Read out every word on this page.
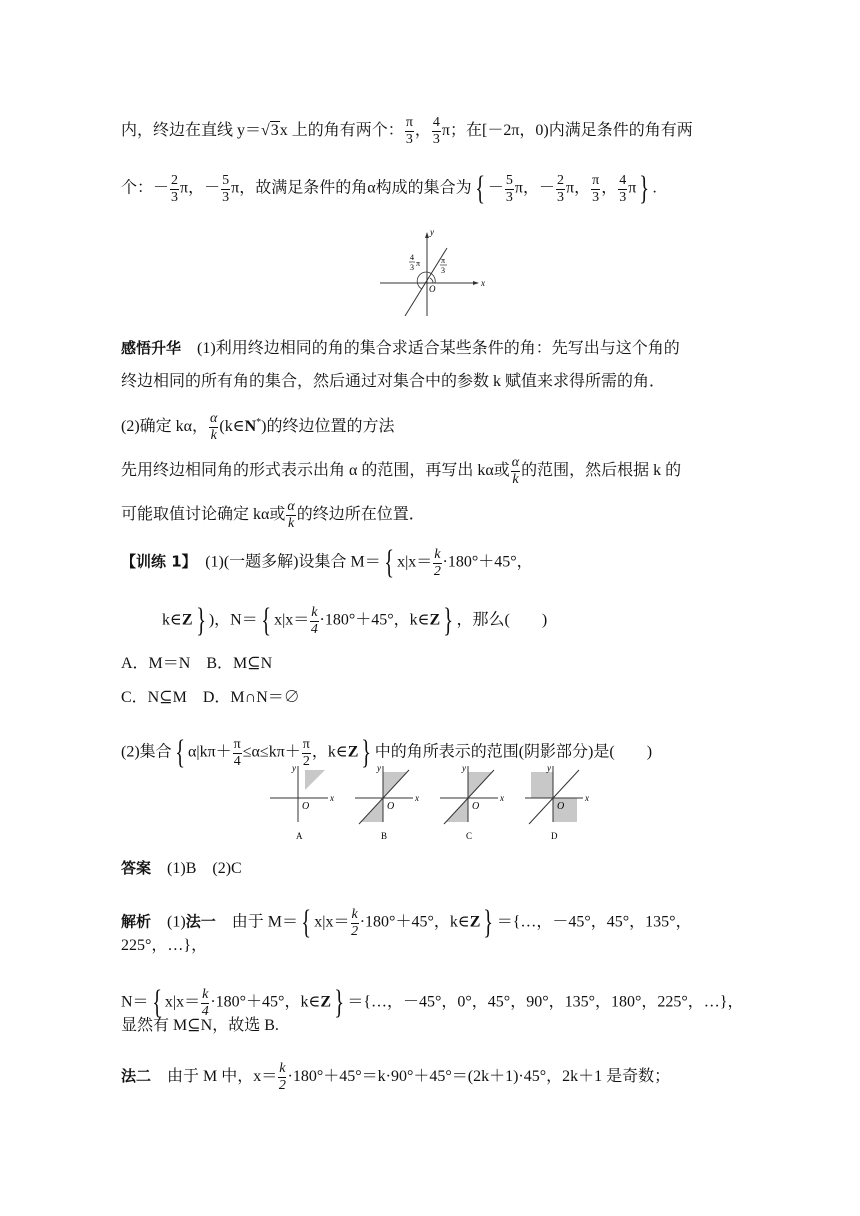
内，终边在直线 y＝√3x 上的角有两个： $\frac{\pi}{3}$ ， $\frac{4}{3}$ π；在[－2π，0)内满足条件的角有两
个：－ $\frac{2}{3}$ π，－ $\frac{5}{3}$ π，故满足条件的角α构成的集合为{ － $\frac{5}{3}$ π，－ $\frac{2}{3}$ π， $\frac{\pi}{3}$ ， $\frac{4}{3} \pi$} .
x
y
O
4
3 π	π
3
感悟升华　 (1)利用终边相同的角的集合求适合某些条件的角：先写出与这个角的
终边相同的所有角的集合，然后通过对集合中的参数 k 赋值来求得所需的角．
(2)确定 kα， $\frac{\alpha}{k}$ (k∈N*)的终边位置的方法
先用终边相同角的形式表示出角 α 的范围，再写出 kα或 $\frac{\alpha}{k}$ 的范围，然后根据 k 的
可能取值讨论确定 kα或 $\frac{\alpha}{k}$ 的终边所在位置．
【训练 1】　 (1)(一题多解)设集合 M＝{ $x|x= \frac{k}{2} \cdot 180^\circ+45^\circ$，
k∈Z} )，N＝{ $x|x= \frac{k}{4} \cdot 180^\circ+45^\circ$，k∈Z} ，那么(　　)
A．M＝N　B．M⊆N
C．N⊆M　D．M∩N＝∅
(2)集合{ $\alpha|k\pi+ \frac{\pi}{4} \le\alpha\le k\pi+ \frac{\pi}{2}$ ，k∈Z} 中的角所表示的范围(阴影部分)是(　　)
x
y
O
A
x
y
O
B
x
y
O
C
x
y
O
D
答案　 (1)B　(2)C
解析　 (1)法一　 由于 M＝{ $x|x= \frac{k}{2} \cdot 180^\circ+45^\circ$，k∈Z} ＝{…，－45°，45°，135°，
225°，…}，
N＝{ $x|x= \frac{k}{4} \cdot 180^\circ+45^\circ$，k∈Z} ＝{…，－45°，0°，45°，90°，135°，180°，225°，…}，
显然有 M⊆N，故选 B.
法二　 由于 M 中，$x= \frac{k}{2} \cdot 180^\circ+45^\circ=k\cdot 90^\circ+45^\circ=(2k+1)\cdot 45^\circ$，2k＋1 是奇数；
